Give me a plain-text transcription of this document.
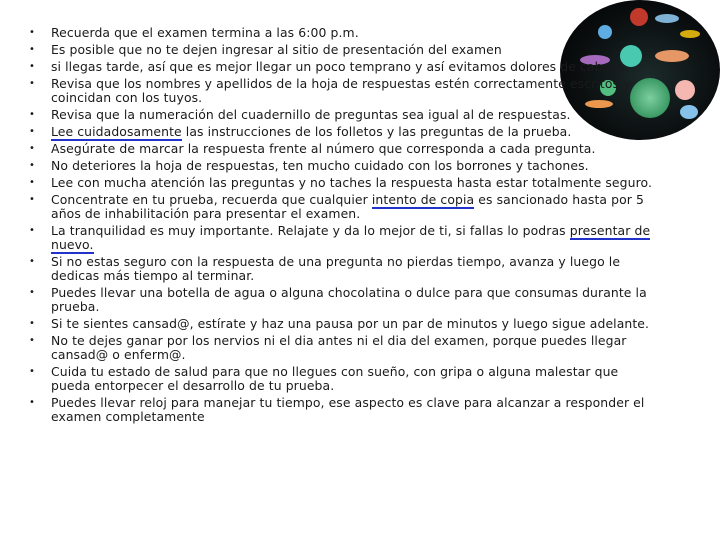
• Recuerda que el examen termina a las 6:00 p.m.
• Es posible que no te dejen ingresar al sitio de presentación del examen
• si llegas tarde, así que es mejor llegar un poco temprano y así evitamos dolores de cabeza.
• Revisa que los nombres y apellidos de la hoja de respuestas estén correctamente escritos y coincidan con los tuyos.
• Revisa que la numeración del cuadernillo de preguntas sea igual al de respuestas.
• Lee cuidadosamente las instrucciones de los folletos y las preguntas de la prueba.
• Asegúrate de marcar la respuesta frente al número que corresponda a cada pregunta.
• No deteriores la hoja de respuestas, ten mucho cuidado con los borrones y tachones.
• Lee con mucha atención las preguntas y no taches la respuesta hasta estar totalmente seguro.
• Concentrate en tu prueba, recuerda que cualquier intento de copia es sancionado hasta por 5 años de inhabilitación para presentar el examen.
• La tranquilidad es muy importante. Relajate y da lo mejor de ti, si fallas lo podras presentar de nuevo.
• Si no estas seguro con la respuesta de una pregunta no pierdas tiempo, avanza y luego le dedicas más tiempo al terminar.
• Puedes llevar una botella de agua o alguna chocolatina o dulce para que consumas durante la prueba.
• Si te sientes cansad@, estírate y haz una pausa por un par de minutos y luego sigue adelante.
• No te dejes ganar por los nervios ni el dia antes ni el dia del examen, porque puedes llegar cansad@ o enferm@.
• Cuida tu estado de salud para que no llegues con sueño, con gripa o alguna malestar que pueda entorpecer el desarrollo de tu prueba.
• Puedes llevar reloj para manejar tu tiempo, ese aspecto es clave para alcanzar a responder el examen completamente
